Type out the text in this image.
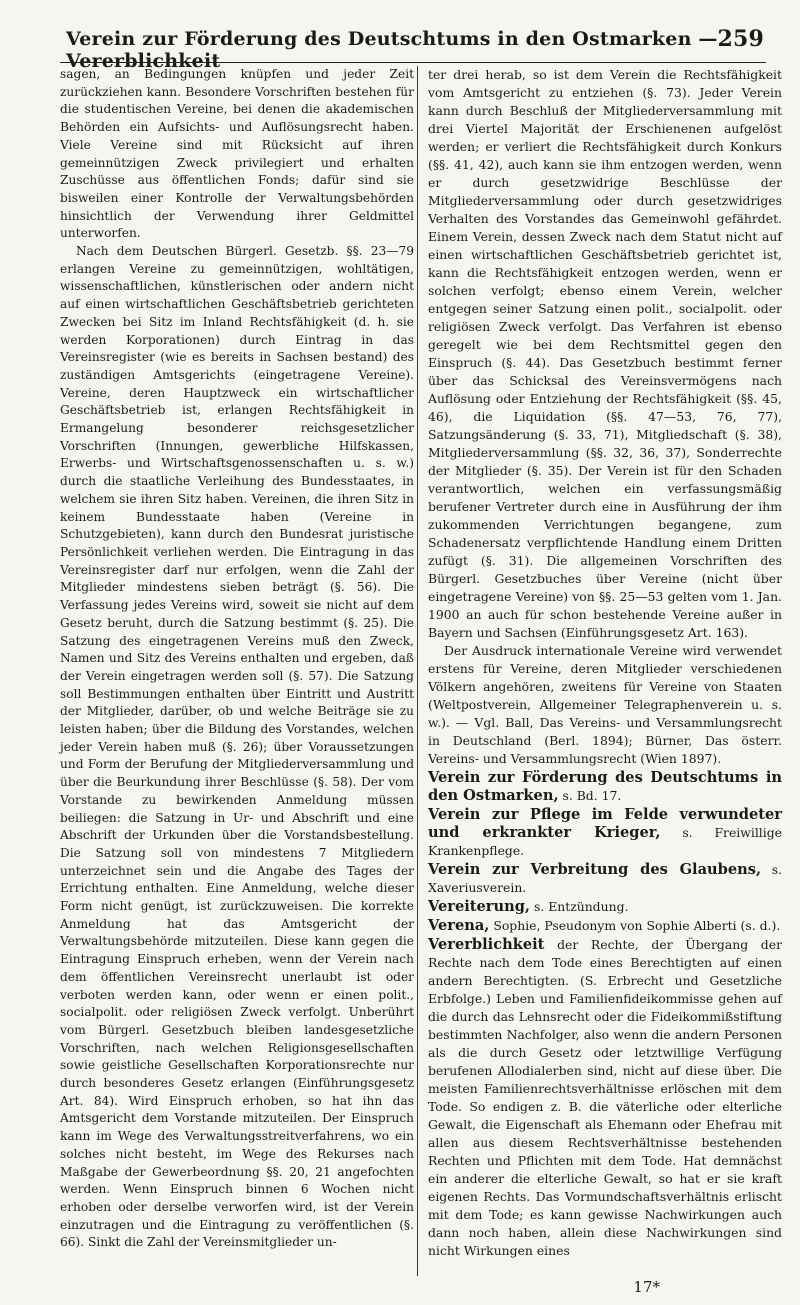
Verein zur Förderung des Deutschtums in den Ostmarken — Vererblichkeit
259

sagen, an Bedingungen knüpfen und jeder Zeit zurückziehen kann. Besondere Vorschriften bestehen für die studentischen Vereine, bei denen die akademischen Behörden ein Aufsichts- und Auflösungsrecht haben. Viele Vereine sind mit Rücksicht auf ihren gemeinnützigen Zweck privilegiert und erhalten Zuschüsse aus öffentlichen Fonds; dafür sind sie bisweilen einer Kontrolle der Verwaltungsbehörden hinsichtlich der Verwendung ihrer Geldmittel unterworfen.

Nach dem Deutschen Bürgerl. Gesetzb. §§. 23—79 erlangen Vereine zu gemeinnützigen, wohltätigen, wissenschaftlichen, künstlerischen oder andern nicht auf einen wirtschaftlichen Geschäftsbetrieb gerichteten Zwecken bei Sitz im Inland Rechtsfähigkeit (d. h. sie werden Korporationen) durch Eintrag in das Vereinsregister (wie es bereits in Sachsen bestand) des zuständigen Amtsgerichts (eingetragene Vereine). Vereine, deren Hauptzweck ein wirtschaftlicher Geschäftsbetrieb ist, erlangen Rechtsfähigkeit in Ermangelung besonderer reichsgesetzlicher Vorschriften (Innungen, gewerbliche Hilfskassen, Erwerbs- und Wirtschaftsgenossenschaften u. s. w.) durch die staatliche Verleihung des Bundesstaates, in welchem sie ihren Sitz haben. Vereinen, die ihren Sitz in keinem Bundesstaate haben (Vereine in Schutzgebieten), kann durch den Bundesrat juristische Persönlichkeit verliehen werden. Die Eintragung in das Vereinsregister darf nur erfolgen, wenn die Zahl der Mitglieder mindestens sieben beträgt (§. 56). Die Verfassung jedes Vereins wird, soweit sie nicht auf dem Gesetz beruht, durch die Satzung bestimmt (§. 25). Die Satzung des eingetragenen Vereins muß den Zweck, Namen und Sitz des Vereins enthalten und ergeben, daß der Verein eingetragen werden soll (§. 57). Die Satzung soll Bestimmungen enthalten über Eintritt und Austritt der Mitglieder, darüber, ob und welche Beiträge sie zu leisten haben; über die Bildung des Vorstandes, welchen jeder Verein haben muß (§. 26); über Voraussetzungen und Form der Berufung der Mitgliederversammlung und über die Beurkundung ihrer Beschlüsse (§. 58). Der vom Vorstande zu bewirkenden Anmeldung müssen beiliegen: die Satzung in Ur- und Abschrift und eine Abschrift der Urkunden über die Vorstandsbestellung. Die Satzung soll von mindestens 7 Mitgliedern unterzeichnet sein und die Angabe des Tages der Errichtung enthalten. Eine Anmeldung, welche dieser Form nicht genügt, ist zurückzuweisen. Die korrekte Anmeldung hat das Amtsgericht der Verwaltungsbehörde mitzuteilen. Diese kann gegen die Eintragung Einspruch erheben, wenn der Verein nach dem öffentlichen Vereinsrecht unerlaubt ist oder verboten werden kann, oder wenn er einen polit., socialpolit. oder religiösen Zweck verfolgt. Unberührt vom Bürgerl. Gesetzbuch bleiben landesgesetzliche Vorschriften, nach welchen Religionsgesellschaften sowie geistliche Gesellschaften Korporationsrechte nur durch besonderes Gesetz erlangen (Einführungsgesetz Art. 84). Wird Einspruch erhoben, so hat ihn das Amtsgericht dem Vorstande mitzuteilen. Der Einspruch kann im Wege des Verwaltungsstreitverfahrens, wo ein solches nicht besteht, im Wege des Rekurses nach Maßgabe der Gewerbeordnung §§. 20, 21 angefochten werden. Wenn Einspruch binnen 6 Wochen nicht erhoben oder derselbe verworfen wird, ist der Verein einzutragen und die Eintragung zu veröffentlichen (§. 66). Sinkt die Zahl der Vereinsmitglieder un-

ter drei herab, so ist dem Verein die Rechtsfähigkeit vom Amtsgericht zu entziehen (§. 73). Jeder Verein kann durch Beschluß der Mitgliederversammlung mit drei Viertel Majorität der Erschienenen aufgelöst werden; er verliert die Rechtsfähigkeit durch Konkurs (§§. 41, 42), auch kann sie ihm entzogen werden, wenn er durch gesetzwidrige Beschlüsse der Mitgliederversammlung oder durch gesetzwidriges Verhalten des Vorstandes das Gemeinwohl gefährdet. Einem Verein, dessen Zweck nach dem Statut nicht auf einen wirtschaftlichen Geschäftsbetrieb gerichtet ist, kann die Rechtsfähigkeit entzogen werden, wenn er solchen verfolgt; ebenso einem Verein, welcher entgegen seiner Satzung einen polit., socialpolit. oder religiösen Zweck verfolgt. Das Verfahren ist ebenso geregelt wie bei dem Rechtsmittel gegen den Einspruch (§. 44). Das Gesetzbuch bestimmt ferner über das Schicksal des Vereinsvermögens nach Auflösung oder Entziehung der Rechtsfähigkeit (§§. 45, 46), die Liquidation (§§. 47—53, 76, 77), Satzungsänderung (§. 33, 71), Mitgliedschaft (§. 38), Mitgliederversammlung (§§. 32, 36, 37), Sonderrechte der Mitglieder (§. 35). Der Verein ist für den Schaden verantwortlich, welchen ein verfassungsmäßig berufener Vertreter durch eine in Ausführung der ihm zukommenden Verrichtungen begangene, zum Schadenersatz verpflichtende Handlung einem Dritten zufügt (§. 31). Die allgemeinen Vorschriften des Bürgerl. Gesetzbuches über Vereine (nicht über eingetragene Vereine) von §§. 25—53 gelten vom 1. Jan. 1900 an auch für schon bestehende Vereine außer in Bayern und Sachsen (Einführungsgesetz Art. 163).

Der Ausdruck internationale Vereine wird verwendet erstens für Vereine, deren Mitglieder verschiedenen Völkern angehören, zweitens für Vereine von Staaten (Weltpostverein, Allgemeiner Telegraphenverein u. s. w.). — Vgl. Ball, Das Vereins- und Versammlungsrecht in Deutschland (Berl. 1894); Bürner, Das österr. Vereins- und Versammlungsrecht (Wien 1897).

Verein zur Förderung des Deutschtums in den Ostmarken, s. Bd. 17.

Verein zur Pflege im Felde verwundeter und erkrankter Krieger, s. Freiwillige Krankenpflege.

Verein zur Verbreitung des Glaubens, s. Xaveriusverein.

Vereiterung, s. Entzündung.

Verena, Sophie, Pseudonym von Sophie Alberti (s. d.).

Vererblichkeit der Rechte, der Übergang der Rechte nach dem Tode eines Berechtigten auf einen andern Berechtigten. (S. Erbrecht und Gesetzliche Erbfolge.) Leben und Familienfideikommisse gehen auf die durch das Lehnsrecht oder die Fideikommißstiftung bestimmten Nachfolger, also wenn die andern Personen als die durch Gesetz oder letztwillige Verfügung berufenen Allodialerben sind, nicht auf diese über. Die meisten Familienrechtsverhältnisse erlöschen mit dem Tode. So endigen z. B. die väterliche oder elterliche Gewalt, die Eigenschaft als Ehemann oder Ehefrau mit allen aus diesem Rechtsverhältnisse bestehenden Rechten und Pflichten mit dem Tode. Hat demnächst ein anderer die elterliche Gewalt, so hat er sie kraft eigenen Rechts. Das Vormundschaftsverhältnis erlischt mit dem Tode; es kann gewisse Nachwirkungen auch dann noch haben, allein diese Nachwirkungen sind nicht Wirkungen eines

17*
